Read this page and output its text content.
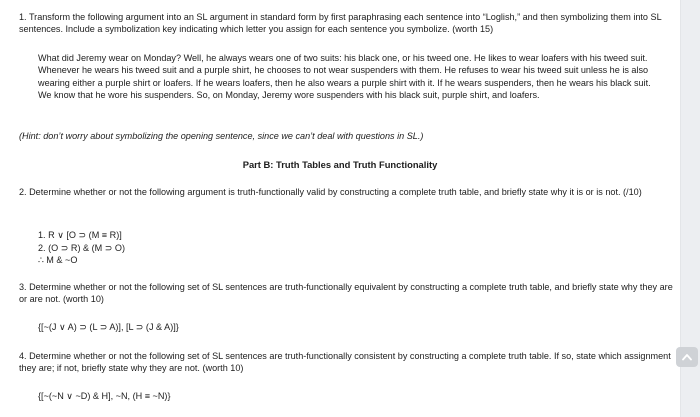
1. Transform the following argument into an SL argument in standard form by first paraphrasing each sentence into “Loglish,” and then symbolizing them into SL sentences. Include a symbolization key indicating which letter you assign for each sentence you symbolize. (worth 15)
What did Jeremy wear on Monday? Well, he always wears one of two suits: his black one, or his tweed one. He likes to wear loafers with his tweed suit. Whenever he wears his tweed suit and a purple shirt, he chooses to not wear suspenders with them. He refuses to wear his tweed suit unless he is also wearing either a purple shirt or loafers. If he wears loafers, then he also wears a purple shirt with it. If he wears suspenders, then he wears his black suit. We know that he wore his suspenders. So, on Monday, Jeremy wore suspenders with his black suit, purple shirt, and loafers.
(Hint: don’t worry about symbolizing the opening sentence, since we can’t deal with questions in SL.)
Part B: Truth Tables and Truth Functionality
2. Determine whether or not the following argument is truth-functionally valid by constructing a complete truth table, and briefly state why it is or is not. (/10)
1. R ∨ [O ⊃ (M ≡ R)]
2. (O ⊃ R) & (M ⊃ O)
∴ M & ~O
3. Determine whether or not the following set of SL sentences are truth-functionally equivalent by constructing a complete truth table, and briefly state why they are or are not. (worth 10)
{[~(J ∨ A) ⊃ (L ⊃ A)], [L ⊃ (J & A)]}
4. Determine whether or not the following set of SL sentences are truth-functionally consistent by constructing a complete truth table. If so, state which assignment they are; if not, briefly state why they are not. (worth 10)
{[~(~N ∨ ~D) & H], ~N, (H ≡ ~N)}
